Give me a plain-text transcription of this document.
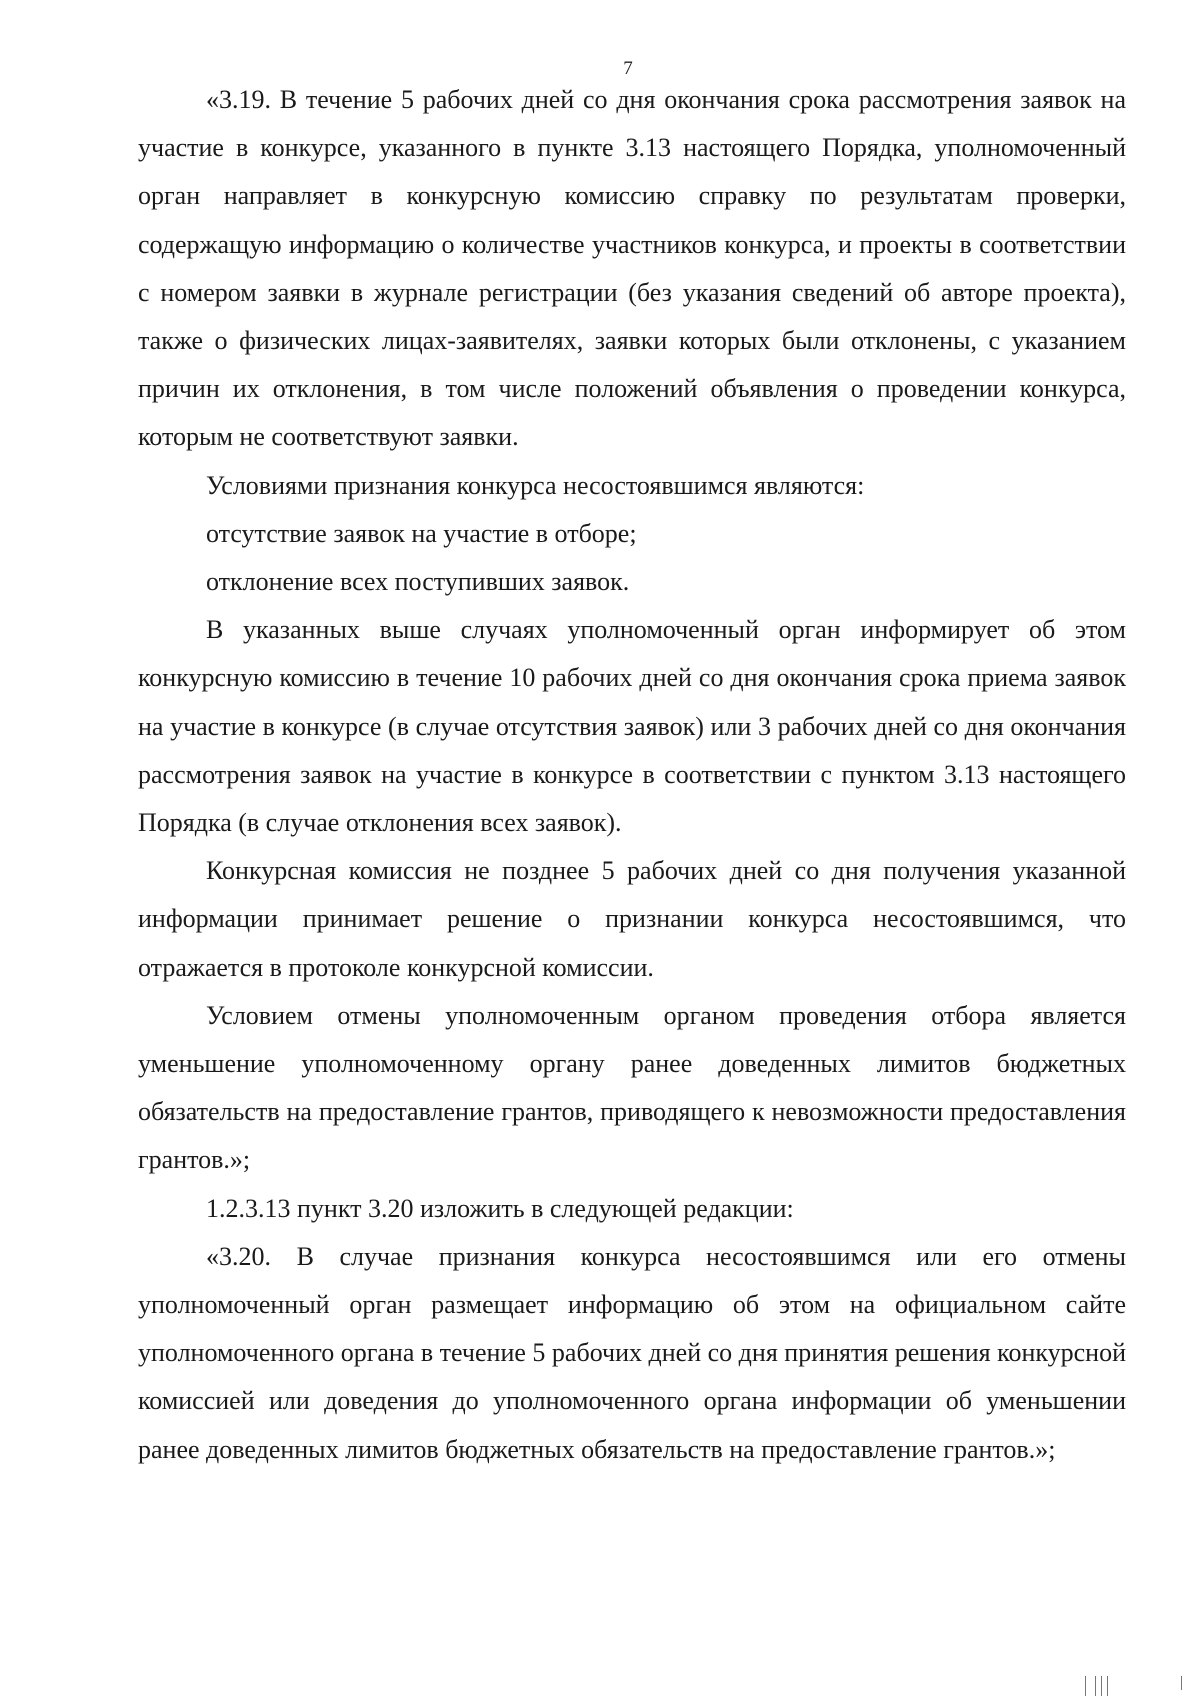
7

«3.19. В течение 5 рабочих дней со дня окончания срока рассмотрения заявок на участие в конкурсе, указанного в пункте 3.13 настоящего Порядка, уполномоченный орган направляет в конкурсную комиссию справку по результатам проверки, содержащую информацию о количестве участников конкурса, и проекты в соответствии с номером заявки в журнале регистрации (без указания сведений об авторе проекта), также о физических лицах-заявителях, заявки которых были отклонены, с указанием причин их отклонения, в том числе положений объявления о проведении конкурса, которым не соответствуют заявки.

Условиями признания конкурса несостоявшимся являются:

отсутствие заявок на участие в отборе;

отклонение всех поступивших заявок.

В указанных выше случаях уполномоченный орган информирует об этом конкурсную комиссию в течение 10 рабочих дней со дня окончания срока приема заявок на участие в конкурсе (в случае отсутствия заявок) или 3 рабочих дней со дня окончания рассмотрения заявок на участие в конкурсе в соответствии с пунктом 3.13 настоящего Порядка (в случае отклонения всех заявок).

Конкурсная комиссия не позднее 5 рабочих дней со дня получения указанной информации принимает решение о признании конкурса несостоявшимся, что отражается в протоколе конкурсной комиссии.

Условием отмены уполномоченным органом проведения отбора является уменьшение уполномоченному органу ранее доведенных лимитов бюджетных обязательств на предоставление грантов, приводящего к невозможности предоставления грантов.»;

1.2.3.13 пункт 3.20 изложить в следующей редакции:

«3.20. В случае признания конкурса несостоявшимся или его отмены уполномоченный орган размещает информацию об этом на официальном сайте уполномоченного органа в течение 5 рабочих дней со дня принятия решения конкурсной комиссией или доведения до уполномоченного органа информации об уменьшении ранее доведенных лимитов бюджетных обязательств на предоставление грантов.»;
